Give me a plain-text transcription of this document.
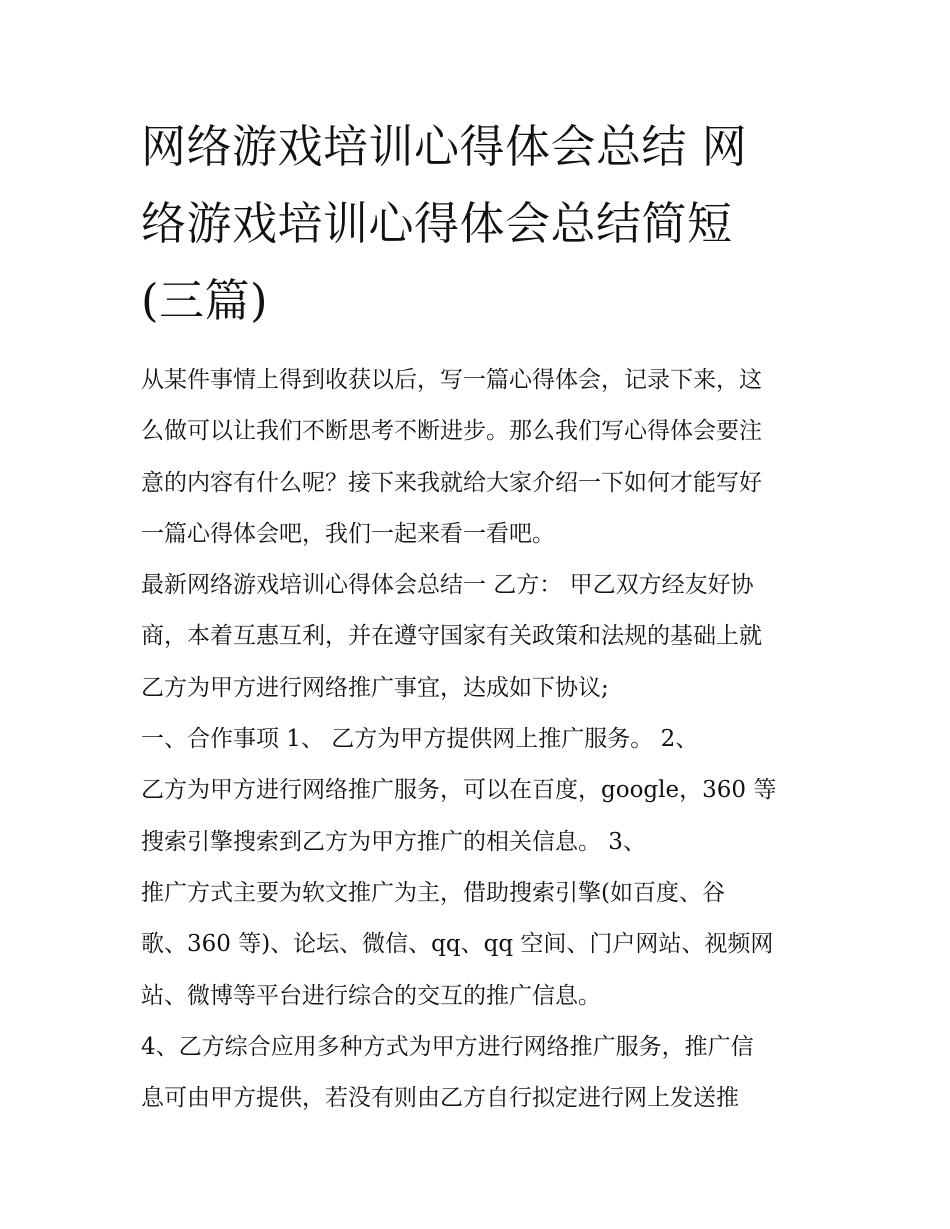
网络游戏培训心得体会总结 网
络游戏培训心得体会总结简短
(三篇)
从某件事情上得到收获以后，写一篇心得体会，记录下来，这
么做可以让我们不断思考不断进步。那么我们写心得体会要注
意的内容有什么呢？接下来我就给大家介绍一下如何才能写好
一篇心得体会吧，我们一起来看一看吧。
最新网络游戏培训心得体会总结一 乙方： 甲乙双方经友好协
商，本着互惠互利，并在遵守国家有关政策和法规的基础上就
乙方为甲方进行网络推广事宜，达成如下协议;
一、合作事项 1、 乙方为甲方提供网上推广服务。 2、
乙方为甲方进行网络推广服务，可以在百度，google，360 等
搜索引擎搜索到乙方为甲方推广的相关信息。 3、
推广方式主要为软文推广为主，借助搜索引擎(如百度、谷
歌、360 等)、论坛、微信、qq、qq 空间、门户网站、视频网
站、微博等平台进行综合的交互的推广信息。
4、乙方综合应用多种方式为甲方进行网络推广服务，推广信
息可由甲方提供，若没有则由乙方自行拟定进行网上发送推
